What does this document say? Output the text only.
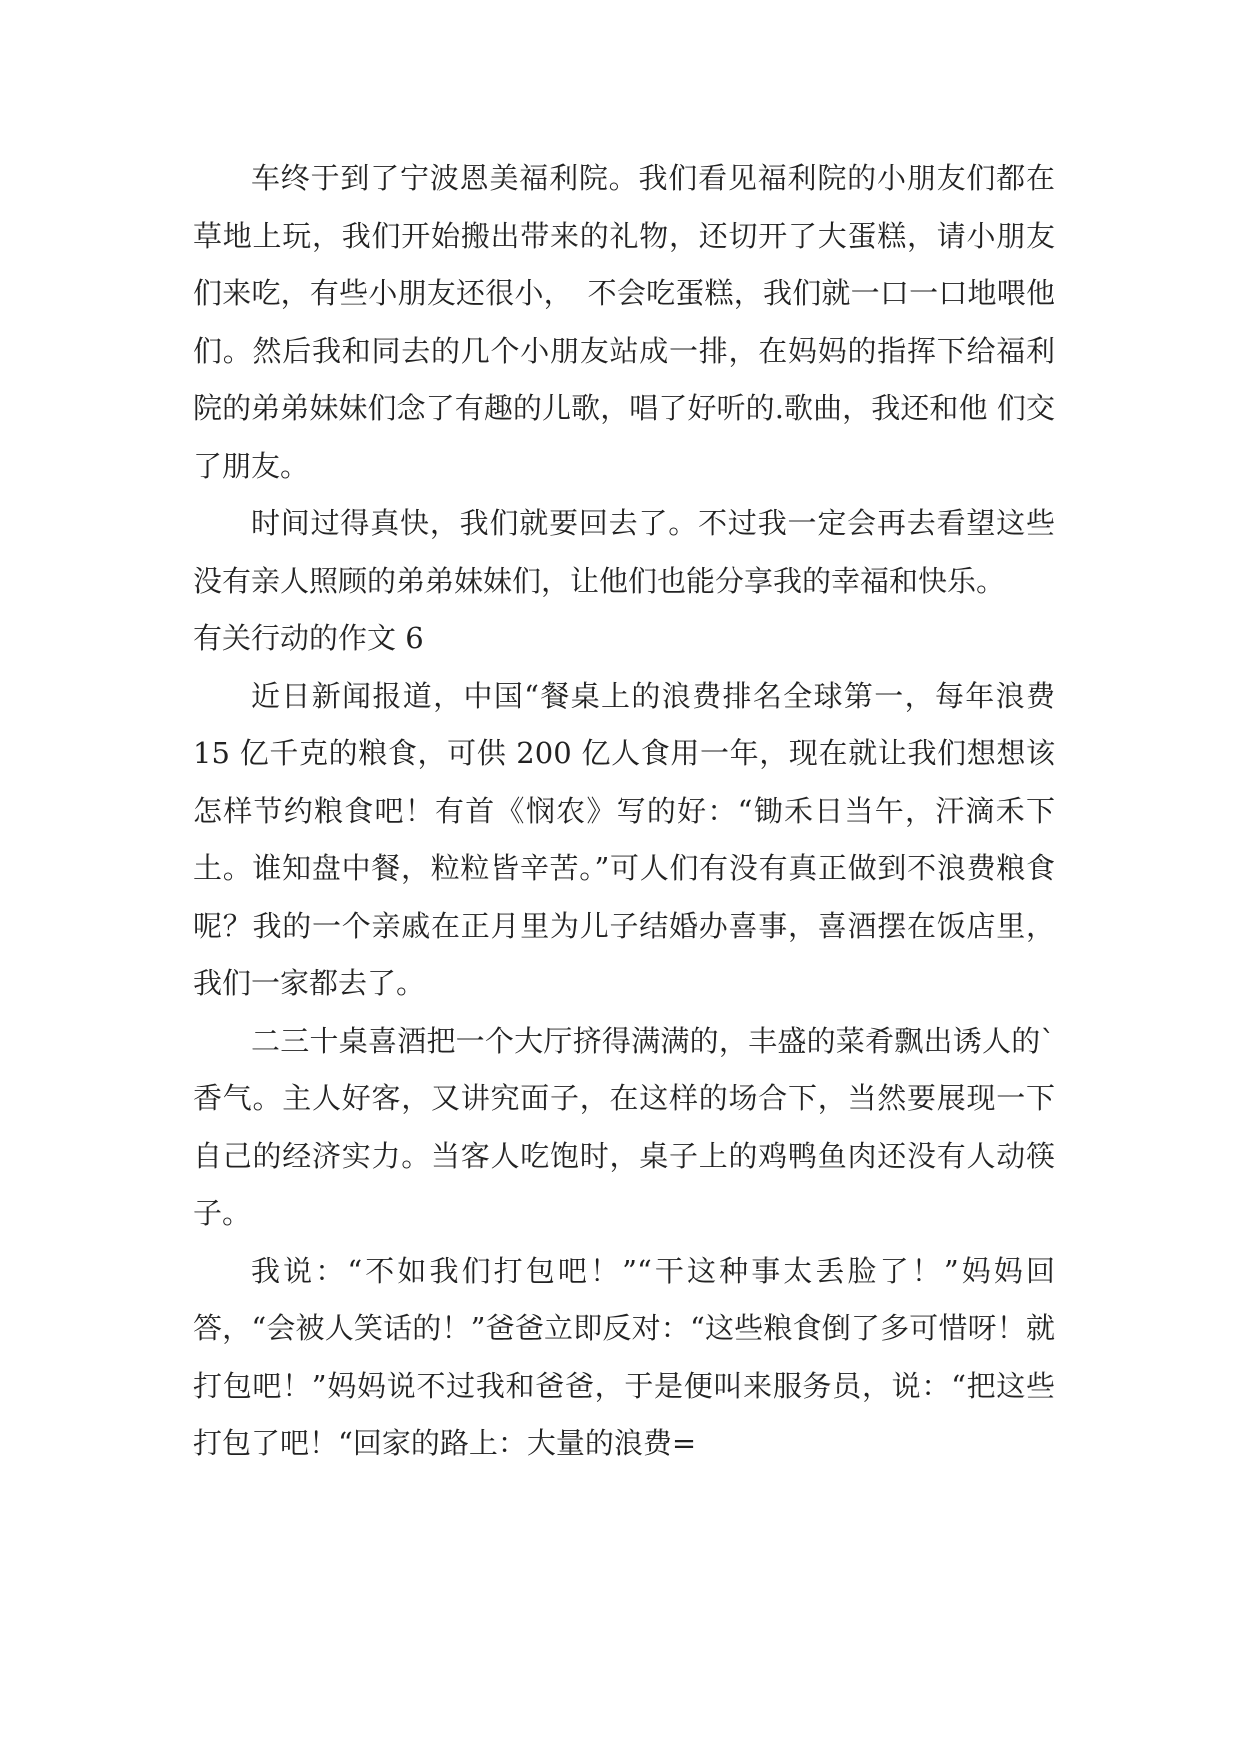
车终于到了宁波恩美福利院。我们看见福利院的小朋友们都在草地上玩，我们开始搬出带来的礼物，还切开了大蛋糕，请小朋友们来吃，有些小朋友还很小，　不会吃蛋糕，我们就一口一口地喂他们。然后我和同去的几个小朋友站成一排，在妈妈的指挥下给福利院的弟弟妹妹们念了有趣的儿歌，唱了好听的.歌曲，我还和他 们交了朋友。

时间过得真快，我们就要回去了。不过我一定会再去看望这些没有亲人照顾的弟弟妹妹们，让他们也能分享我的幸福和快乐。

有关行动的作文 6

近日新闻报道，中国“餐桌上的浪费排名全球第一，每年浪费 15 亿千克的粮食，可供 200 亿人食用一年，现在就让我们想想该怎样节约粮食吧！有首《悯农》写的好：“锄禾日当午，汗滴禾下土。谁知盘中餐，粒粒皆辛苦。”可人们有没有真正做到不浪费粮食呢？我的一个亲戚在正月里为儿子结婚办喜事，喜酒摆在饭店里，我们一家都去了。

二三十桌喜酒把一个大厅挤得满满的，丰盛的菜肴飘出诱人的`香气。主人好客，又讲究面子，在这样的场合下，当然要展现一下自己的经济实力。当客人吃饱时，桌子上的鸡鸭鱼肉还没有人动筷子。

我说：“不如我们打包吧！”“干这种事太丢脸了！”妈妈回答，“会被人笑话的！”爸爸立即反对：“这些粮食倒了多可惜呀！就打包吧！”妈妈说不过我和爸爸，于是便叫来服务员，说：“把这些打包了吧！“回家的路上：大量的浪费=
